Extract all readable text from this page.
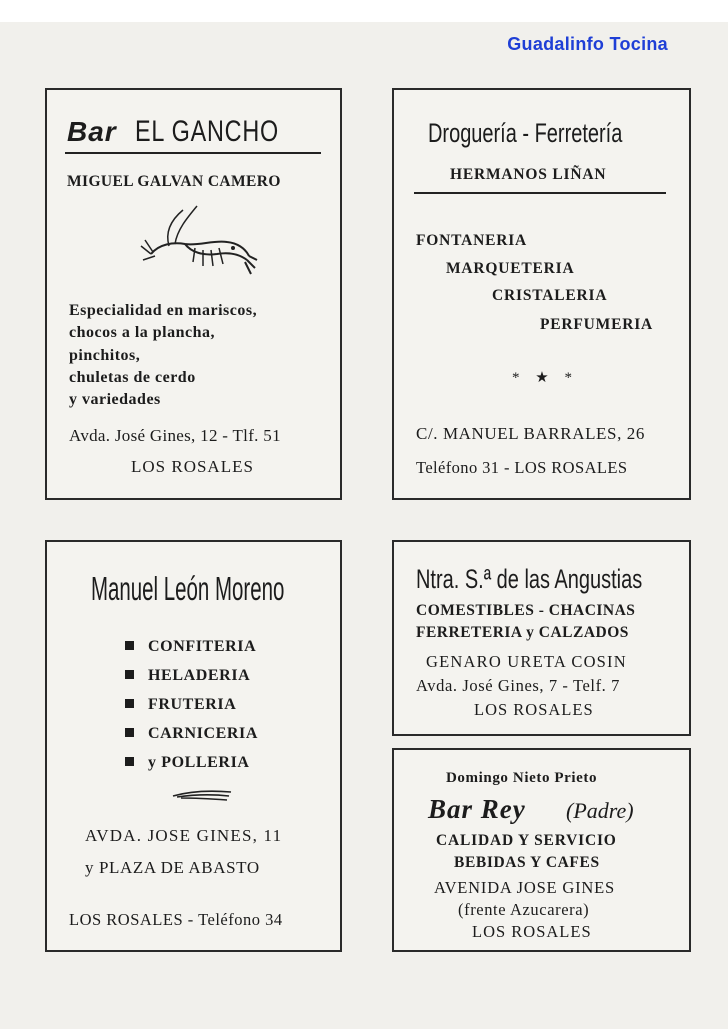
Guadalinfo Tocina
Bar EL GANCHO
MIGUEL GALVAN CAMERO
Especialidad en mariscos,
chocos a la plancha,
pinchitos,
chuletas de cerdo
y variedades
Avda. José Gines, 12 - Tlf. 51
LOS ROSALES
Droguería - Ferretería
HERMANOS LIÑAN
FONTANERIA
MARQUETERIA
CRISTALERIA
PERFUMERIA
* ★ *
C/. MANUEL BARRALES, 26
Teléfono 31 - LOS ROSALES
Manuel León Moreno
CONFITERIA
HELADERIA
FRUTERIA
CARNICERIA
y POLLERIA
AVDA. JOSE GINES, 11
y PLAZA DE ABASTO
LOS ROSALES - Teléfono 34
Ntra. S.ª de las Angustias
COMESTIBLES - CHACINAS
FERRETERIA y CALZADOS
GENARO URETA COSIN
Avda. José Gines, 7 - Telf. 7
LOS ROSALES
Domingo Nieto Prieto
Bar Rey (Padre)
CALIDAD Y SERVICIO
BEBIDAS Y CAFES
AVENIDA JOSE GINES
(frente Azucarera)
LOS ROSALES
